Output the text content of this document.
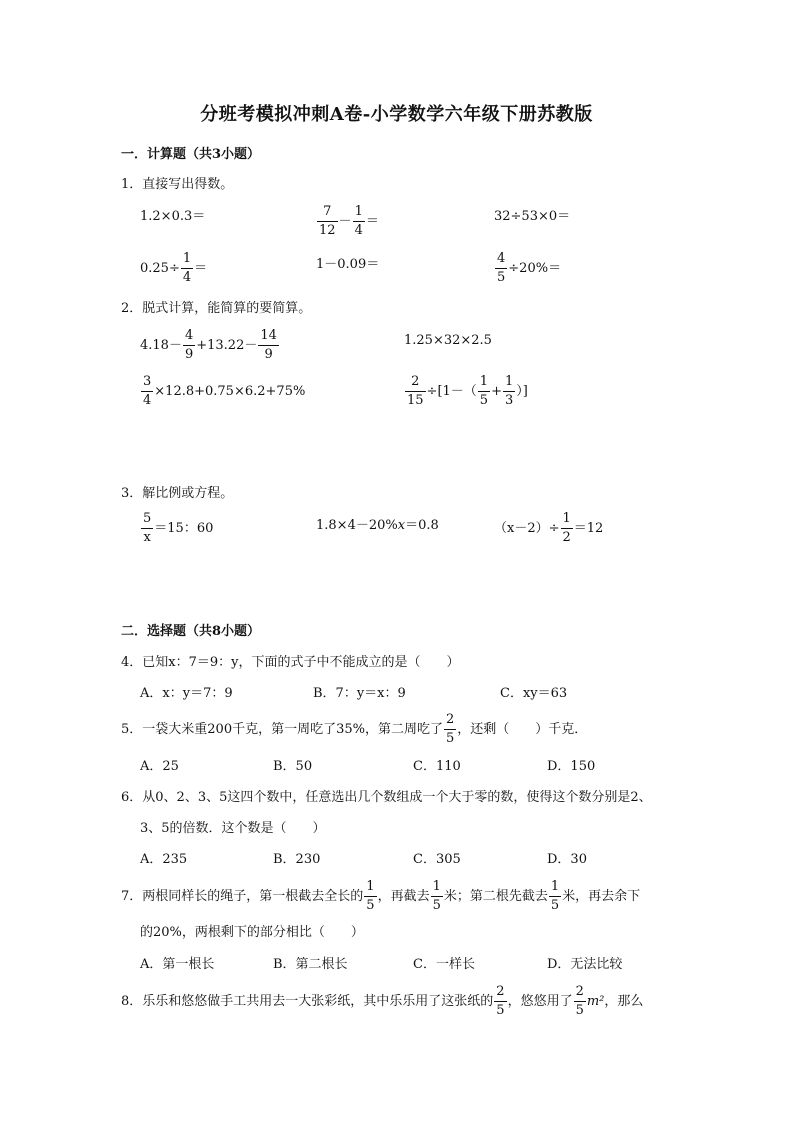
分班考模拟冲刺A卷-小学数学六年级下册苏教版
一．计算题（共3小题）
1．直接写出得数。
1.2×0.3＝	$\frac{7}{12} - \frac{1}{4}$ ＝	32÷53×0＝
$0.25\div \frac{1}{4}$ ＝	1－0.09＝	$\frac{4}{5} \div 20\%=$
2．脱式计算，能简算的要简算。
$4.18- \frac{4}{9} +13.22- \frac{14}{9}$	1.25×32×2.5
$\frac{3}{4} \times 12.8+0.75\times 6.2+75\%$	$\frac{2}{15} \div[1-( \frac{1}{5} + \frac{1}{3}$ ）]
3．解比例或方程。
$\frac{5}{x} =15$：60	1.8×4－20%x＝0.8	$(x-2)\div \frac{1}{2} =12$
二．选择题（共8小题）
4．已知x：7＝9：y，下面的式子中不能成立的是（　　）
A．x：y＝7：9	B．7：y＝x：9	C．xy＝63
5．一袋大米重200千克，第一周吃了35%，第二周吃了 $\frac{2}{5}$ ，还剩（　　）千克．
A．25	B．50	C．110	D．150
6．从0、2、3、5这四个数中，任意选出几个数组成一个大于零的数，使得这个数分别是2、
3、5的倍数．这个数是（　　）
A．235	B．230	C．305	D．30
7．两根同样长的绳子，第一根截去全长的 $\frac{1}{5}$ ，再截去 $\frac{1}{5}$ 米；第二根先截去 $\frac{1}{5}$ 米，再去余下
的20%，两根剩下的部分相比（　　）
A．第一根长	B．第二根长	C．一样长	D．无法比较
8．乐乐和悠悠做手工共用去一大张彩纸，其中乐乐用了这张纸的 $\frac{2}{5}$ ，悠悠用了 $\frac{2}{5} m^2$，那么
